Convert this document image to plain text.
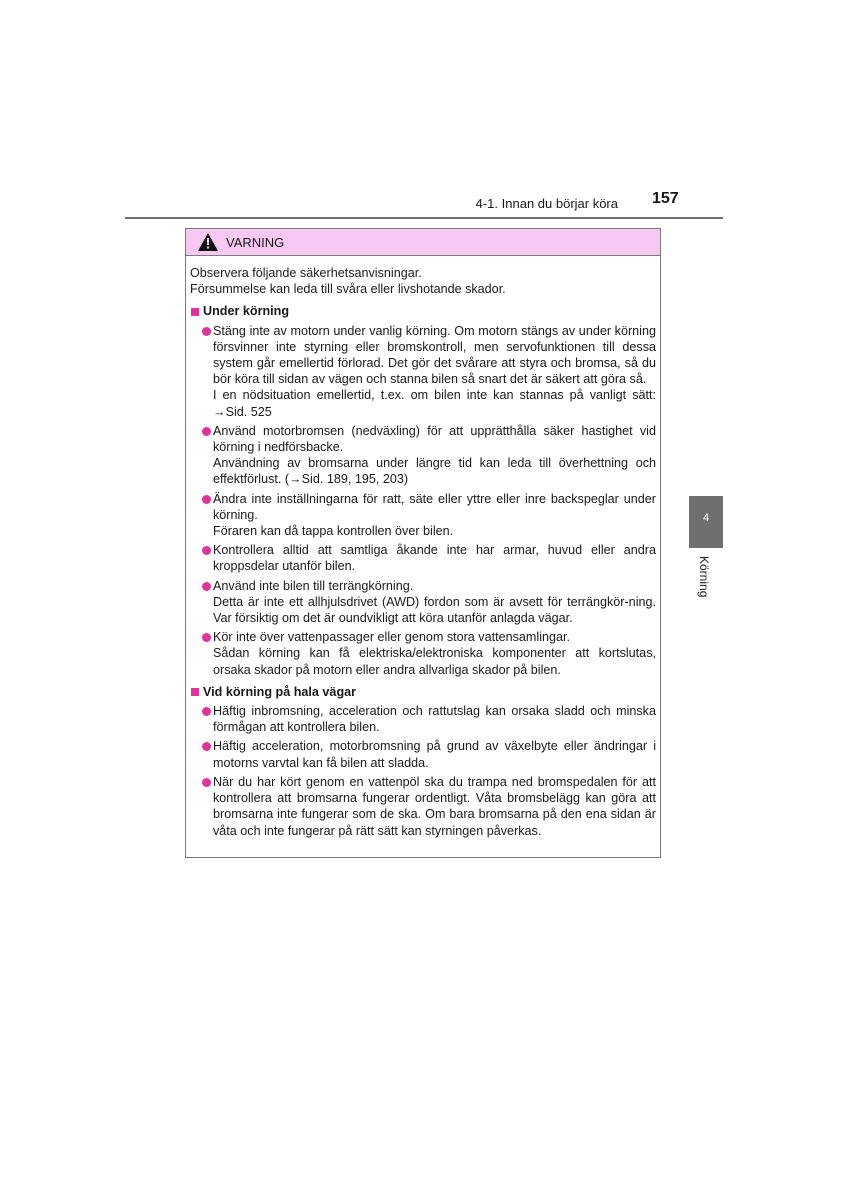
4-1. Innan du börjar köra 157
VARNING

Observera följande säkerhetsanvisningar.

Försummelse kan leda till svåra eller livshotande skador.

Under körning
Stäng inte av motorn under vanlig körning. Om motorn stängs av under körning försvinner inte styrning eller bromskontroll, men servofunktionen till dessa system går emellertid förlorad. Det gör det svårare att styra och bromsa, så du bör köra till sidan av vägen och stanna bilen så snart det är säkert att göra så.
I en nödsituation emellertid, t.ex. om bilen inte kan stannas på vanligt sätt: →Sid. 525
Använd motorbromsen (nedväxling) för att upprätthålla säker hastighet vid körning i nedförsbacke.
Användning av bromsarna under längre tid kan leda till överhettning och effektförlust. (→Sid. 189, 195, 203)
Ändra inte inställningarna för ratt, säte eller yttre eller inre backspeglar under körning.
Föraren kan då tappa kontrollen över bilen.
Kontrollera alltid att samtliga åkande inte har armar, huvud eller andra kroppsdelar utanför bilen.
Använd inte bilen till terrängkörning.
Detta är inte ett allhjulsdrivet (AWD) fordon som är avsett för terrängkör-ning. Var försiktig om det är oundvikligt att köra utanför anlagda vägar.
Kör inte över vattenpassager eller genom stora vattensamlingar.
Sådan körning kan få elektriska/elektroniska komponenter att kortslutas, orsaka skador på motorn eller andra allvarliga skador på bilen.
Vid körning på hala vägar
Häftig inbromsning, acceleration och rattutslag kan orsaka sladd och minska förmågan att kontrollera bilen.
Häftig acceleration, motorbromsning på grund av växelbyte eller ändringar i motorns varvtal kan få bilen att sladda.
När du har kört genom en vattenpöl ska du trampa ned bromspedalen för att kontrollera att bromsarna fungerar ordentligt. Våta bromsbelägg kan göra att bromsarna inte fungerar som de ska. Om bara bromsarna på den ena sidan är våta och inte fungerar på rätt sätt kan styrningen påverkas.
4
Körning
